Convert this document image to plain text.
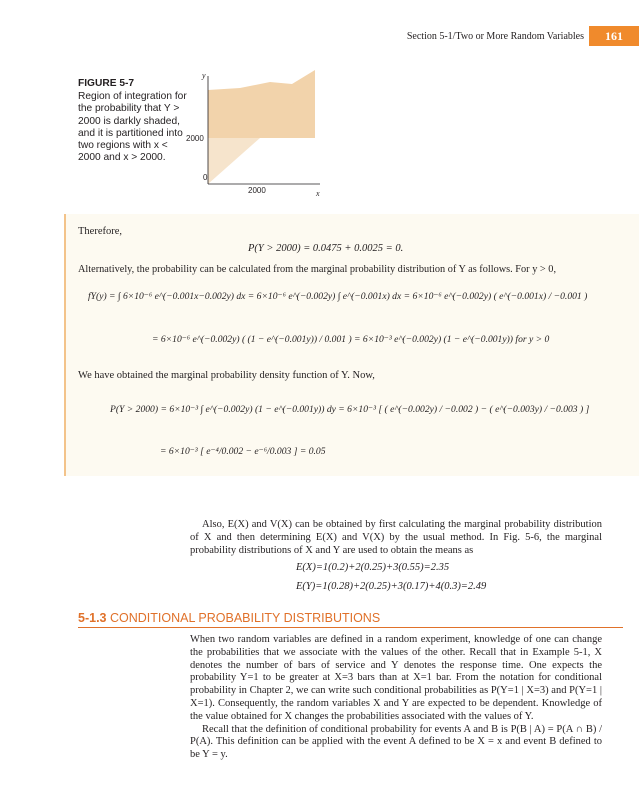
Section 5-1/Two or More Random Variables	161
FIGURE 5-7
Region of integration for the probability that Y > 2000 is darkly shaded, and it is partitioned into two regions with x < 2000 and x > 2000.
y
x
2000
2000
0
Therefore,
P(Y > 2000) = 0.0475 + 0.0025 = 0.
Alternatively, the probability can be calculated from the marginal probability distribution of Y as follows. For y > 0,
fY(y) = ∫ 6×10⁻⁶ e^(−0.001x−0.002y) dx = 6×10⁻⁶ e^(−0.002y) ∫ e^(−0.001x) dx = 6×10⁻⁶ e^(−0.002y) ( e^(−0.001x) / −0.001 )
= 6×10⁻⁶ e^(−0.002y) ( (1 − e^(−0.001y)) / 0.001 ) = 6×10⁻³ e^(−0.002y) (1 − e^(−0.001y)) for y > 0
We have obtained the marginal probability density function of Y. Now,
P(Y > 2000) = 6×10⁻³ ∫ e^(−0.002y) (1 − e^(−0.001y)) dy = 6×10⁻³ [ ( e^(−0.002y) / −0.002 ) − ( e^(−0.003y) / −0.003 ) ]
= 6×10⁻³ [ e⁻⁴/0.002 − e⁻⁶/0.003 ] = 0.05

Also, E(X) and V(X) can be obtained by first calculating the marginal probability distribution of X and then determining E(X) and V(X) by the usual method. In Fig. 5-6, the marginal probability distributions of X and Y are used to obtain the means as

E(X)=1(0.2)+2(0.25)+3(0.55)=2.35
E(Y)=1(0.28)+2(0.25)+3(0.17)+4(0.3)=2.49
5-1.3 CONDITIONAL PROBABILITY DISTRIBUTIONS

When two random variables are defined in a random experiment, knowledge of one can change the probabilities that we associate with the values of the other. Recall that in Example 5-1, X denotes the number of bars of service and Y denotes the response time. One expects the probability Y=1 to be greater at X=3 bars than at X=1 bar. From the notation for conditional probability in Chapter 2, we can write such conditional probabilities as P(Y=1 | X=3) and P(Y=1 | X=1). Consequently, the random variables X and Y are expected to be dependent. Knowledge of the value obtained for X changes the probabilities associated with the values of Y.

Recall that the definition of conditional probability for events A and B is P(B | A) = P(A ∩ B) / P(A). This definition can be applied with the event A defined to be X = x and event B defined to be Y = y.
